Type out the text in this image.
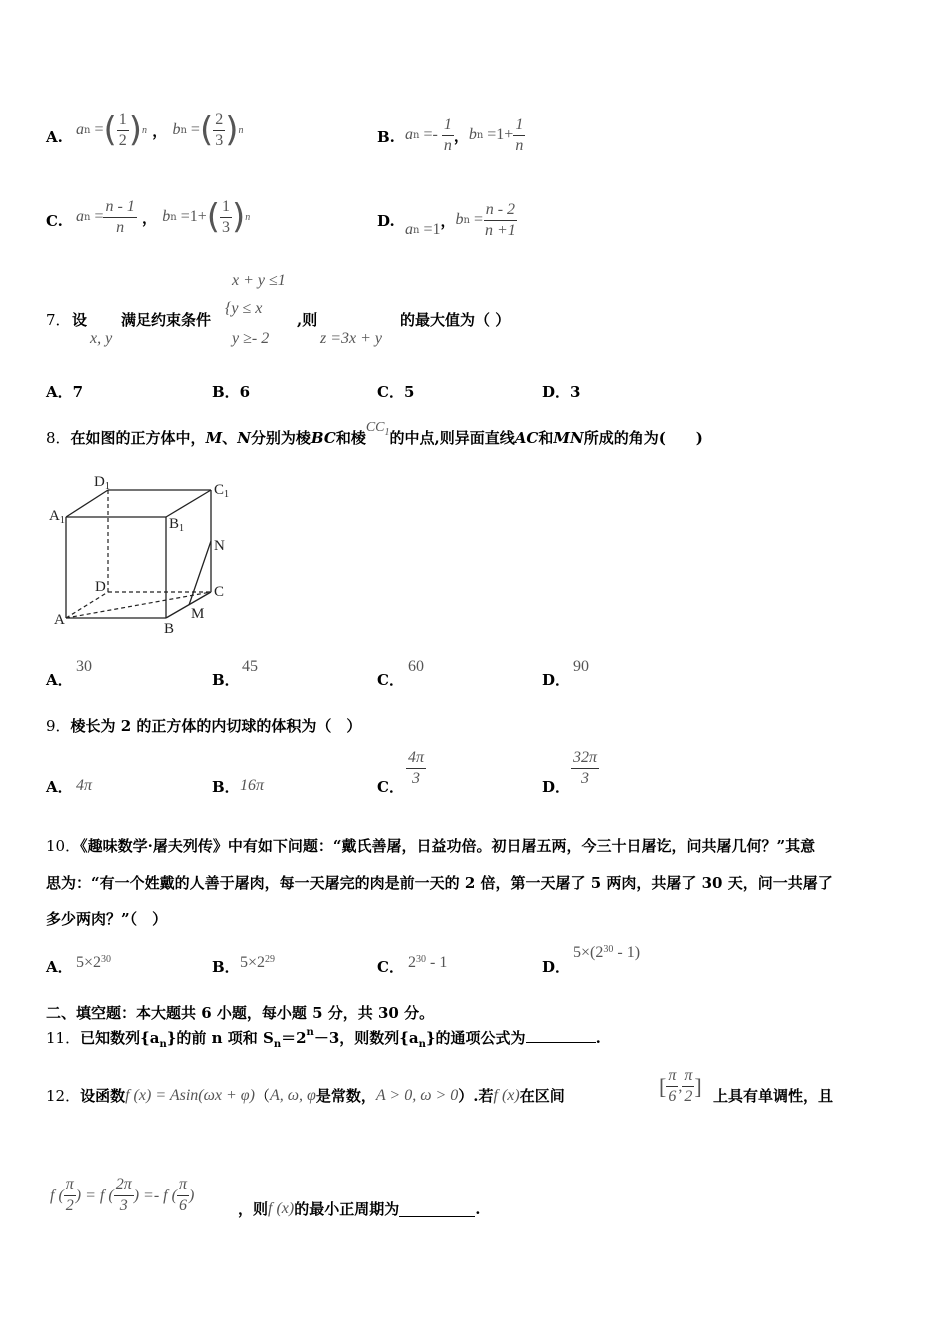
A. a n = ( $\frac{1}{2}$ ) n ， b n = ( $\frac{2}{3}$ ) n	B. a $n =- \frac{1}{n}$ ， b $n =1+ \frac{1}{n}$
C. a $n = \frac{n - 1}{n}$ ， b n =1+ ( $\frac{1}{3}$ ) n	D. a n =1 ， b $n = \frac{n - 2}{n +1}$
7． 设
x, y
满足约束条件
x + y ≤1
{y ≤ x
y ≥- 2
,则
z =3x + y
的最大值为（ ）
A．7	B．6	C．5	D．3
8．在如图的正方体中，M、N分别为棱BC和棱$CC_1$的中点,则异面直线AC和MN所成的角为(　　)
$D_1$	$C_1$
$A_1$	$B_1$
N
D	C
A
B
M
A．
30
B．
45
C．
60
D．
90
9．棱长为 2 的正方体的内切球的体积为（　）
A． 4π	B． 16π	C． $\frac{4\pi}{3}$	D． $\frac{32\pi}{3}$
10．《趣味数学·屠夫列传》中有如下问题：“戴氏善屠，日益功倍。初日屠五两，今三十日屠讫，问共屠几何？”其意
思为：“有一个姓戴的人善于屠肉，每一天屠完的肉是前一天的 2 倍，第一天屠了 5 两肉，共屠了 30 天，问一共屠了
多少两肉？”（　）
A． $5\times 2^{30}$	B． $5\times 2^{29}$	C． $2^{30} - 1$	D．
$5\times(2^{30} - 1)$
二、填空题：本大题共 6 小题，每小题 5 分，共 30 分。
11．已知数列$\{a_n\}$的前 n 项和 $S_n=2^n-3$，则数列$\{a_n\}$的通项公式为	.
12． 设函数 f (x) = Asin(ωx + φ) （ A, ω, φ 是常数， A > 0, ω > 0 ）.若 f (x) 在区间	[ $\frac{\pi}{6}$ , $\frac{\pi}{2}$ ] 上具有单调性，且
f ( $\frac{\pi}{2}$ ) = f ( $\frac{2\pi}{3}$ ) =- f ( $\frac{\pi}{6}$ )
，则 f (x) 的最小正周期为	.
